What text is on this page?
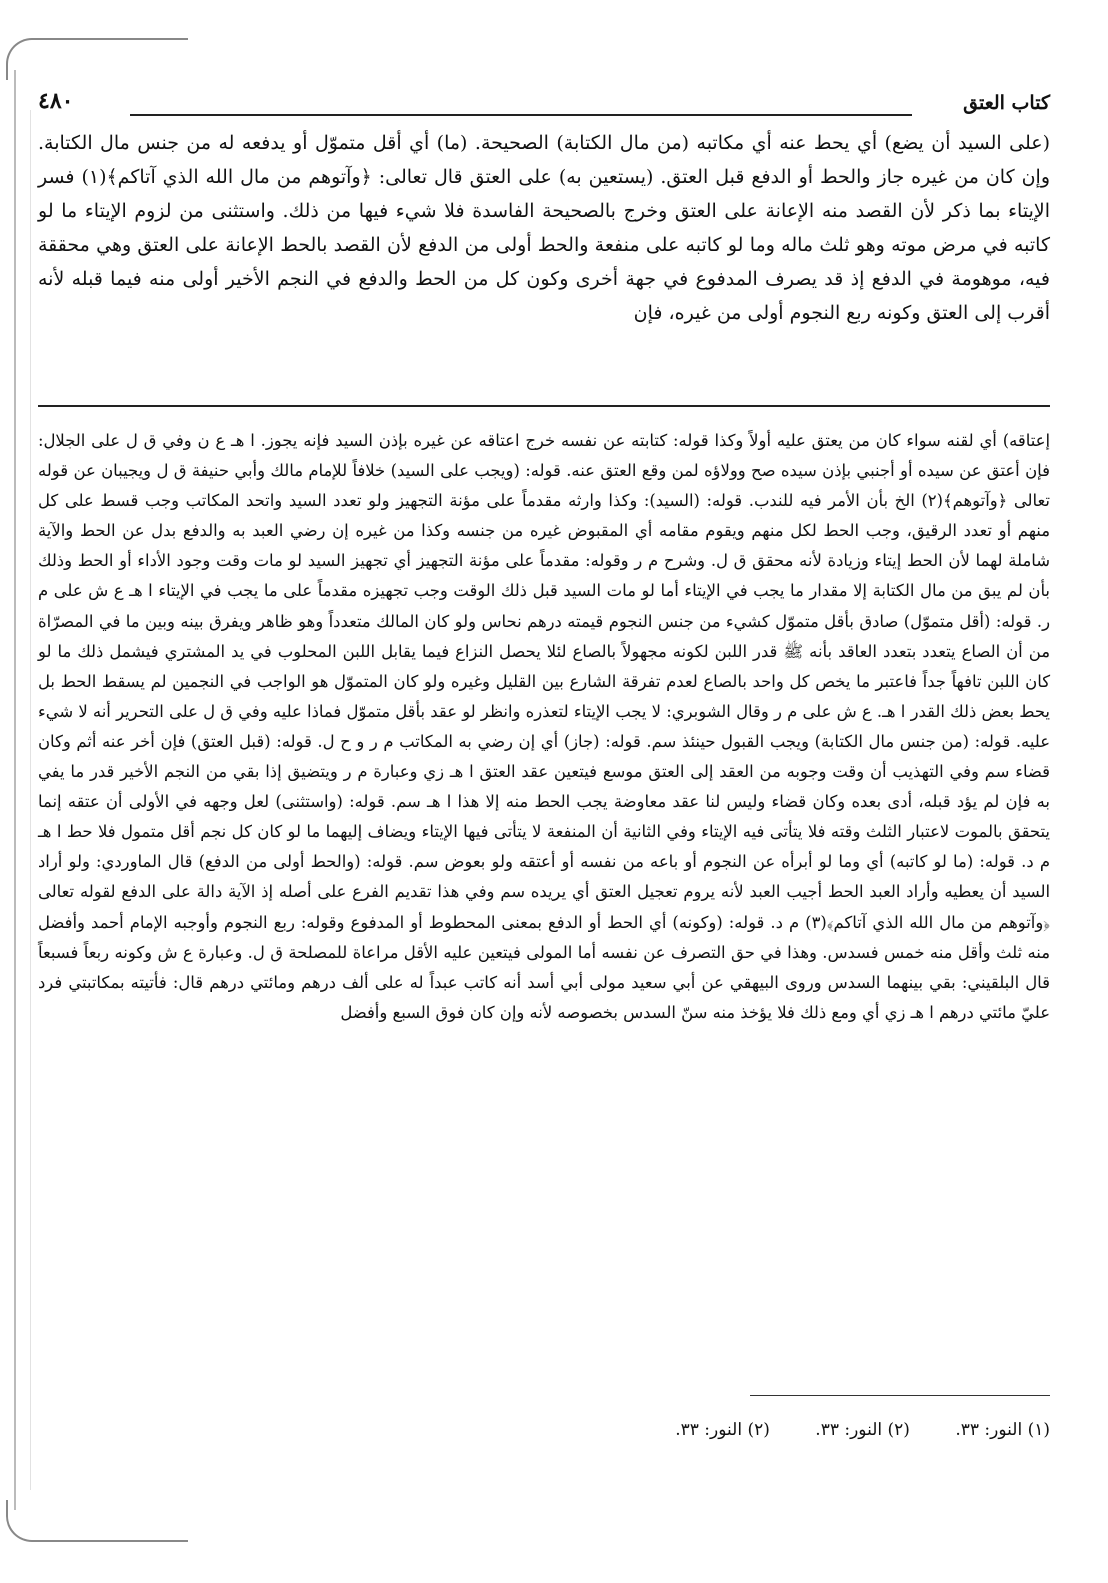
كتاب العتق
٤٨٠
(على السيد أن يضع) أي يحط عنه أي مكاتبه (من مال الكتابة) الصحيحة. (ما) أي أقل متموّل أو يدفعه له من جنس مال الكتابة. وإن كان من غيره جاز والحط أو الدفع قبل العتق. (يستعين به) على العتق قال تعالى: ﴿وآتوهم من مال الله الذي آتاكم﴾(١) فسر الإيتاء بما ذكر لأن القصد منه الإعانة على العتق وخرج بالصحيحة الفاسدة فلا شيء فيها من ذلك. واستثنى من لزوم الإيتاء ما لو كاتبه في مرض موته وهو ثلث ماله وما لو كاتبه على منفعة والحط أولى من الدفع لأن القصد بالحط الإعانة على العتق وهي محققة فيه، موهومة في الدفع إذ قد يصرف المدفوع في جهة أخرى وكون كل من الحط والدفع في النجم الأخير أولى منه فيما قبله لأنه أقرب إلى العتق وكونه ربع النجوم أولى من غيره، فإن
إعتاقه) أي لقنه سواء كان من يعتق عليه أولاً وكذا قوله: كتابته عن نفسه خرج اعتاقه عن غيره بإذن السيد فإنه يجوز. ا هـ ع ن وفي ق ل على الجلال: فإن أعتق عن سيده أو أجنبي بإذن سيده صح وولاؤه لمن وقع العتق عنه. قوله: (ويجب على السيد) خلافاً للإمام مالك وأبي حنيفة ق ل ويجيبان عن قوله تعالى ﴿وآتوهم﴾(٢) الخ بأن الأمر فيه للندب. قوله: (السيد): وكذا وارثه مقدماً على مؤنة التجهيز ولو تعدد السيد واتحد المكاتب وجب قسط على كل منهم أو تعدد الرقيق، وجب الحط لكل منهم ويقوم مقامه أي المقبوض غيره من جنسه وكذا من غيره إن رضي العبد به والدفع بدل عن الحط والآية شاملة لهما لأن الحط إيتاء وزيادة لأنه محقق ق ل. وشرح م ر وقوله: مقدماً على مؤنة التجهيز أي تجهيز السيد لو مات وقت وجود الأداء أو الحط وذلك بأن لم يبق من مال الكتابة إلا مقدار ما يجب في الإيتاء أما لو مات السيد قبل ذلك الوقت وجب تجهيزه مقدماً على ما يجب في الإيتاء ا هـ ع ش على م ر. قوله: (أقل متموّل) صادق بأقل متموّل كشيء من جنس النجوم قيمته درهم نحاس ولو كان المالك متعدداً وهو ظاهر ويفرق بينه وبين ما في المصرّاة من أن الصاع يتعدد بتعدد العاقد بأنه ﷺ قدر اللبن لكونه مجهولاً بالصاع لئلا يحصل النزاع فيما يقابل اللبن المحلوب في يد المشتري فيشمل ذلك ما لو كان اللبن تافهاً جداً فاعتبر ما يخص كل واحد بالصاع لعدم تفرقة الشارع بين القليل وغيره ولو كان المتموّل هو الواجب في النجمين لم يسقط الحط بل يحط بعض ذلك القدر ا هـ. ع ش على م ر وقال الشوبري: لا يجب الإيتاء لتعذره وانظر لو عقد بأقل متموّل فماذا عليه وفي ق ل على التحرير أنه لا شيء عليه. قوله: (من جنس مال الكتابة) ويجب القبول حينئذ سم. قوله: (جاز) أي إن رضي به المكاتب م ر و ح ل. قوله: (قبل العتق) فإن أخر عنه أثم وكان قضاء سم وفي التهذيب أن وقت وجوبه من العقد إلى العتق موسع فيتعين عقد العتق ا هـ زي وعبارة م ر ويتضيق إذا بقي من النجم الأخير قدر ما يفي به فإن لم يؤد قبله، أدى بعده وكان قضاء وليس لنا عقد معاوضة يجب الحط منه إلا هذا ا هـ سم. قوله: (واستثنى) لعل وجهه في الأولى أن عتقه إنما يتحقق بالموت لاعتبار الثلث وقته فلا يتأتى فيه الإيتاء وفي الثانية أن المنفعة لا يتأتى فيها الإيتاء ويضاف إليهما ما لو كان كل نجم أقل متمول فلا حط ا هـ م د. قوله: (ما لو كاتبه) أي وما لو أبرأه عن النجوم أو باعه من نفسه أو أعتقه ولو بعوض سم. قوله: (والحط أولى من الدفع) قال الماوردي: ولو أراد السيد أن يعطيه وأراد العبد الحط أجيب العبد لأنه يروم تعجيل العتق أي يريده سم وفي هذا تقديم الفرع على أصله إذ الآية دالة على الدفع لقوله تعالى ﴿وآتوهم من مال الله الذي آتاكم﴾(٣) م د. قوله: (وكونه) أي الحط أو الدفع بمعنى المحطوط أو المدفوع وقوله: ربع النجوم وأوجبه الإمام أحمد وأفضل منه ثلث وأقل منه خمس فسدس. وهذا في حق التصرف عن نفسه أما المولى فيتعين عليه الأقل مراعاة للمصلحة ق ل. وعبارة ع ش وكونه ربعاً فسبعاً قال البلقيني: بقي بينهما السدس وروى البيهقي عن أبي سعيد مولى أبي أسد أنه كاتب عبداً له على ألف درهم ومائتي درهم قال: فأتيته بمكاتبتي فرد عليّ مائتي درهم ا هـ زي أي ومع ذلك فلا يؤخذ منه سنّ السدس بخصوصه لأنه وإن كان فوق السبع وأفضل
(١) النور: ٣٣. (٢) النور: ٣٣. (٢) النور: ٣٣.
